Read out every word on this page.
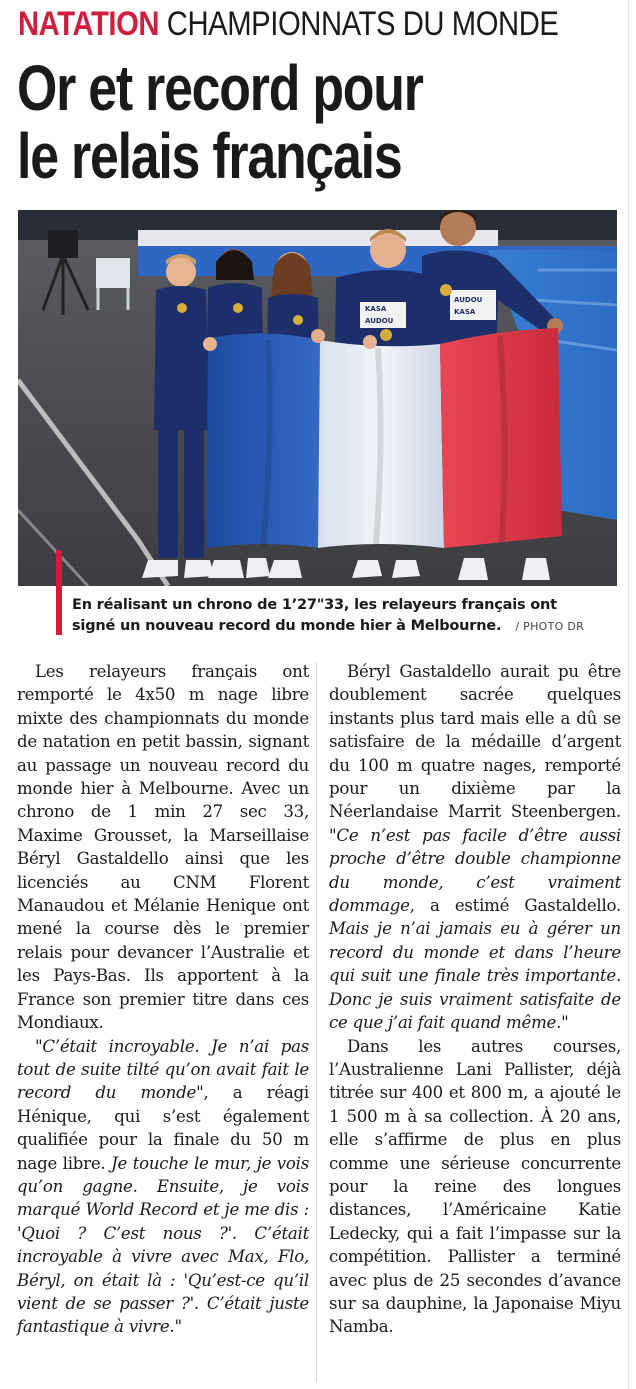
NATATION CHAMPIONNATS DU MONDE
Or et record pour
le relais français
KASA
AUDOU
AUDOU
KASA
En réalisant un chrono de 1’27"33, les relayeurs français ont
signé un nouveau record du monde hier à Melbourne. / PHOTO DR

Les relayeurs français ont remporté le 4x50 m nage libre mixte des championnats du monde de natation en petit bassin, signant au passage un nouveau record du monde hier à Melbourne. Avec un chrono de 1 min 27 sec 33, Maxime Grousset, la Marseillaise Béryl Gastaldello ainsi que les licenciés au CNM Florent Manaudou et Mélanie Henique ont mené la course dès le premier relais pour devancer l’Australie et les Pays-Bas. Ils apportent à la France son premier titre dans ces Mondiaux.

"C’était incroyable. Je n’ai pas tout de suite tilté qu’on avait fait le record du monde", a réagi Hénique, qui s’est également qualifiée pour la finale du 50 m nage libre. Je touche le mur, je vois qu’on gagne. Ensuite, je vois marqué World Record et je me dis : 'Quoi ? C’est nous ?'. C’était incroyable à vivre avec Max, Flo, Béryl, on était là : 'Qu’est-ce qu’il vient de se passer ?'. C’était juste fantastique à vivre."

Béryl Gastaldello aurait pu être doublement sacrée quelques instants plus tard mais elle a dû se satisfaire de la médaille d’argent du 100 m quatre nages, remporté pour un dixième par la Néerlandaise Marrit Steenbergen. "Ce n’est pas facile d’être aussi proche d’être double championne du monde, c’est vraiment dommage, a estimé Gastaldello. Mais je n’ai jamais eu à gérer un record du monde et dans l’heure qui suit une finale très importante. Donc je suis vraiment satisfaite de ce que j’ai fait quand même."

Dans les autres courses, l’Australienne Lani Pallister, déjà titrée sur 400 et 800 m, a ajouté le 1 500 m à sa collection. À 20 ans, elle s’affirme de plus en plus comme une sérieuse concurrente pour la reine des longues distances, l’Américaine Katie Ledecky, qui a fait l’impasse sur la compétition. Pallister a terminé avec plus de 25 secondes d’avance sur sa dauphine, la Japonaise Miyu Namba.
